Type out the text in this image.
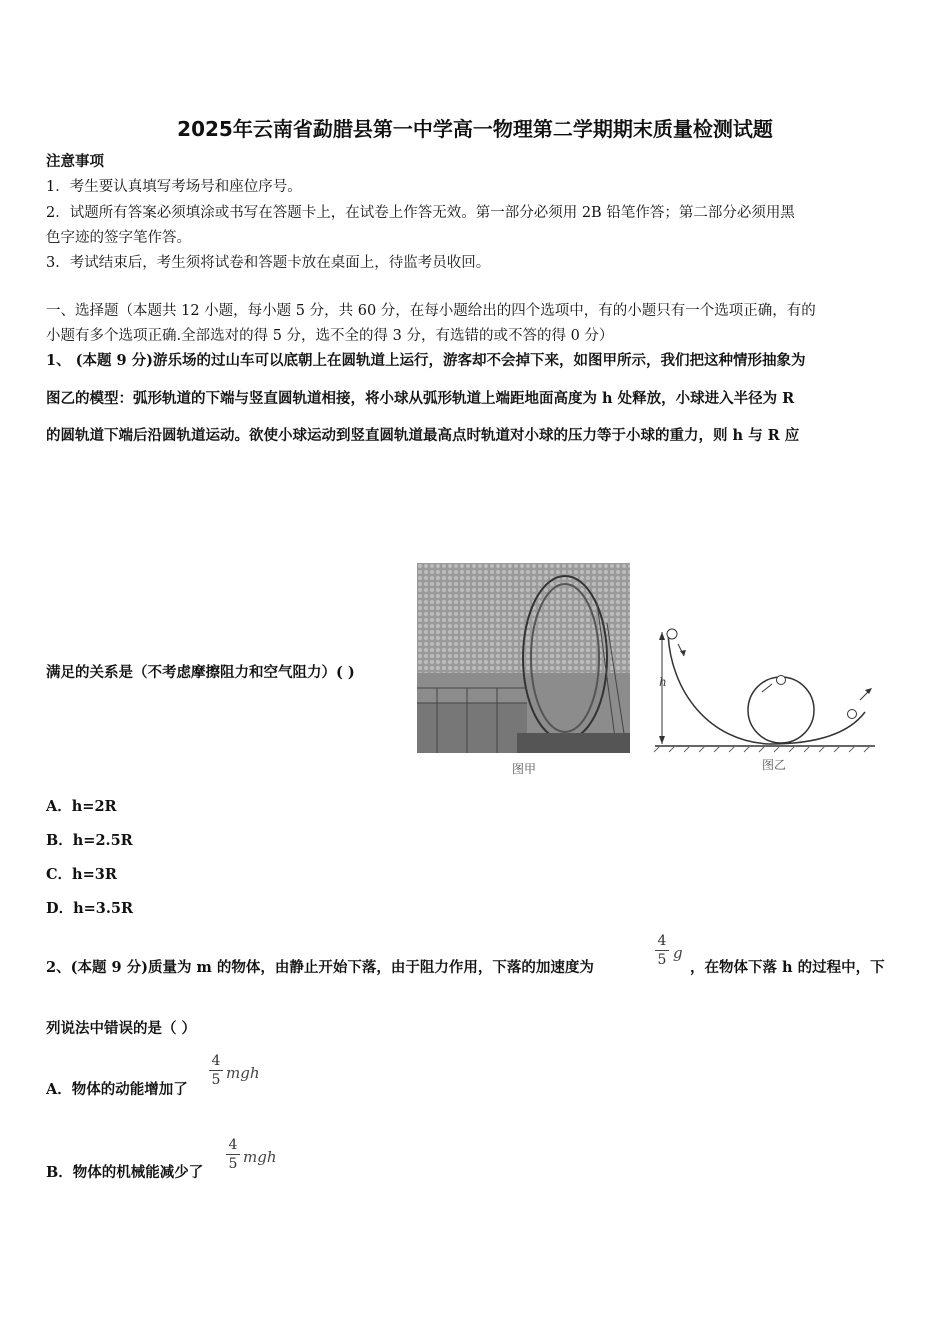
2025年云南省勐腊县第一中学高一物理第二学期期末质量检测试题
注意事项
1．考生要认真填写考场号和座位序号。
2．试题所有答案必须填涂或书写在答题卡上，在试卷上作答无效。第一部分必须用 2B 铅笔作答；第二部分必须用黑
色字迹的签字笔作答。
3．考试结束后，考生须将试卷和答题卡放在桌面上，待监考员收回。
一、选择题（本题共 12 小题，每小题 5 分，共 60 分，在每小题给出的四个选项中，有的小题只有一个选项正确，有的
小题有多个选项正确.全部选对的得 5 分，选不全的得 3 分，有选错的或不答的得 0 分）
1、 (本题 9 分)游乐场的过山车可以底朝上在圆轨道上运行，游客却不会掉下来，如图甲所示，我们把这种情形抽象为
图乙的模型：弧形轨道的下端与竖直圆轨道相接，将小球从弧形轨道上端距地面高度为 h 处释放，小球进入半径为 R
的圆轨道下端后沿圆轨道运动。欲使小球运动到竖直圆轨道最高点时轨道对小球的压力等于小球的重力，则 h 与 R 应
满足的关系是（不考虑摩擦阻力和空气阻力）( )
图甲
h
图乙
A．h=2R
B．h=2.5R
C．h=3R
D．h=3.5R
2、(本题 9 分)质量为 m 的物体，由静止开始下落，由于阻力作用，下落的加速度为
4
5 g
，在物体下落 h 的过程中，下
列说法中错误的是（ ）
A．物体的动能增加了
4
5 mgh
B．物体的机械能减少了
4
5 mgh
